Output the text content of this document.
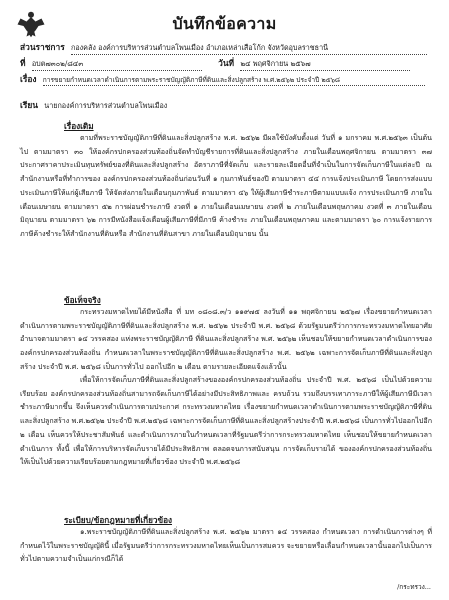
บันทึกข้อความ
ส่วนราชการ กองคลัง องค์การบริหารส่วนตำบลโพนเมือง อำเภอเหล่าเสือโก้ก จังหวัดอุบลราชธานี
ที่ อบต๗๓๐๒/๘๔๓	วันที่ ๒๔ พฤศจิกายน ๒๕๖๗
เรื่อง การขยายกำหนดเวลาดำเนินการตามพระราชบัญญัติภาษีที่ดินและสิ่งปลูกสร้าง พ.ศ.๒๕๖๒ ประจำปี ๒๕๖๘
เรียน นายกองค์การบริหารส่วนตำบลโพนเมือง
เรื่องเดิม
ตามที่พระราชบัญญัติภาษีที่ดินและสิ่งปลูกสร้าง พ.ศ. ๒๕๖๒ มีผลใช้บังคับตั้งแต่ วันที่ ๑ มกราคม พ.ศ.๒๕๖๓ เป็นต้นไป ตามมาตรา ๓๐ ให้องค์กรปกครองส่วนท้องถิ่นจัดทำบัญชีรายการที่ดินและสิ่งปลูกสร้าง ภายในเดือนพฤศจิกายน ตามมาตรา ๓๗ ประกาศราคาประเมินทุนทรัพย์ของที่ดินและสิ่งปลูกสร้าง อัตราภาษีที่จัดเก็บ และรายละเอียดอื่นที่จำเป็นในการจัดเก็บภาษีในแต่ละปี ณ สำนักงานหรือที่ทำการของ องค์กรปกครองส่วนท้องถิ่นก่อนวันที่ ๑ กุมภาพันธ์ของปี ตามมาตรา ๔๔ การแจ้งประเมินภาษี โดยการส่งแบบ ประเมินภาษีให้แก่ผู้เสียภาษี ให้จัดส่งภายในเดือนกุมภาพันธ์ ตามมาตรา ๔๖ ให้ผู้เสียภาษีชำระภาษีตามแบบแจ้ง การประเมินภาษี ภายในเดือนเมษายน ตามมาตรา ๕๒ การผ่อนชำระภาษี งวดที่ ๑ ภายในเดือนเมษายน งวดที่ ๒ ภายในเดือนพฤษภาคม งวดที่ ๓ ภายในเดือนมิถุนายน ตามมาตรา ๖๒ การมีหนังสือแจ้งเตือนผู้เสียภาษีที่มีภาษี ค้างชำระ ภายในเดือนพฤษภาคม และตามมาตรา ๖๐ การแจ้งรายการภาษีค้างชำระให้สำนักงานที่ดินหรือ สำนักงานที่ดินสาขา ภายในเดือนมิถุนายน นั้น
ข้อเท็จจริง
กระทรวงมหาดไทยได้มีหนังสือ ที่ มท ๐๘๐๘.๓/ว ๑๑๙๗๕ ลงวันที่ ๑๑ พฤศจิกายน ๒๕๖๗ เรื่องขยายกำหนดเวลาดำเนินการตามพระราชบัญญัติภาษีที่ดินและสิ่งปลูกสร้าง พ.ศ. ๒๕๖๒ ประจำปี พ.ศ. ๒๕๖๘ ด้วยรัฐมนตรีว่าการกระทรวงมหาดไทยอาศัยอำนาจตามมาตรา ๑๔ วรรคสอง แห่งพระราชบัญญัติภาษี ที่ดินและสิ่งปลูกสร้าง พ.ศ. ๒๕๖๒ เห็นชอบให้ขยายกำหนดเวลาดำเนินการขององค์กรปกครองส่วนท้องถิ่น กำหนดเวลาในพระราชบัญญัติภาษีที่ดินและสิ่งปลูกสร้าง พ.ศ. ๒๕๖๒ เฉพาะการจัดเก็บภาษีที่ดินและสิ่งปลูก สร้าง ประจำปี พ.ศ. ๒๕๖๘ เป็นการทั่วไป ออกไปอีก ๒ เดือน ตามรายละเอียดแจ้งแล้วนั้น
เพื่อให้การจัดเก็บภาษีที่ดินและสิ่งปลูกสร้างขององค์กรปกครองส่วนท้องถิ่น ประจำปี พ.ศ. ๒๕๖๘ เป็นไปด้วยความเรียบร้อย องค์กรปกครองส่วนท้องถิ่นสามารถจัดเก็บภาษีได้อย่างมีประสิทธิภาพและ ครบถ้วน รวมถึงบรรเทาภาระภาษีให้ผู้เสียภาษีมีเวลาชำระภาษีมากขึ้น จึงเห็นควรดำเนินการตามประกาศ กระทรวงมหาดไทย เรื่องขยายกำหนดเวลาดำเนินการตามพระราชบัญญัติภาษีที่ดินและสิ่งปลูกสร้าง พ.ศ.๒๕๖๒ ประจำปี พ.ศ.๒๕๖๘ เฉพาะการจัดเก็บภาษีที่ดินและสิ่งปลูกสร้างประจำปี พ.ศ.๒๕๖๘ เป็นการทั่วไปออกไปอีก ๒ เดือน เห็นควรให้ประชาสัมพันธ์ และดำเนินการภายในกำหนดเวลาที่รัฐมนตรีว่าการกระทรวงมหาดไทย เห็นชอบให้ขยายกำหนดเวลาดำเนินการ ทั้งนี้ เพื่อให้การบริหารจัดเก็บรายได้มีประสิทธิภาพ ตลอดจนการสนับสนุน การจัดเก็บรายได้ ขององค์กรปกครองส่วนท้องถิ่นให้เป็นไปด้วยความเรียบร้อยตามกฎหมายที่เกี่ยวข้อง ประจำปี พ.ศ.๒๕๖๘
ระเบียบ/ข้อกฎหมายที่เกี่ยวข้อง
๑.พระราชบัญญัติภาษีที่ดินและสิ่งปลูกสร้าง พ.ศ. ๒๕๖๒ มาตรา ๑๔ วรรคสอง กำหนดเวลา การดำเนินการต่างๆ ที่กำหนดไว้ในพระราชบัญญัตินี้ เมื่อรัฐมนตรีว่าการกระทรวงมหาดไทยเห็นเป็นการสมควร จะขยายหรือเลื่อนกำหนดเวลานั้นออกไปเป็นการทั่วไปตามความจำเป็นแก่กรณีก็ได้
/กระทรวง...
